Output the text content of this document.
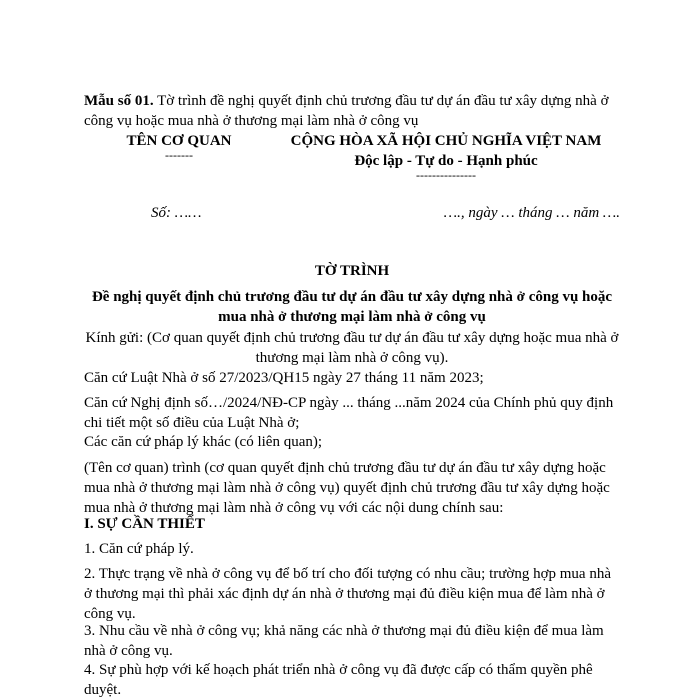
Mẫu số 01. Tờ trình đề nghị quyết định chủ trương đầu tư dự án đầu tư xây dựng nhà ở công vụ hoặc mua nhà ở thương mại làm nhà ở công vụ
TÊN CƠ QUAN
-------
CỘNG HÒA XÃ HỘI CHỦ NGHĨA VIỆT NAM
Độc lập - Tự do - Hạnh phúc
---------------
Số: ……	…., ngày … tháng … năm ….
TỜ TRÌNH
Đề nghị quyết định chủ trương đầu tư dự án đầu tư xây dựng nhà ở công vụ hoặc mua nhà ở thương mại làm nhà ở công vụ
Kính gửi: (Cơ quan quyết định chủ trương đầu tư dự án đầu tư xây dựng hoặc mua nhà ở thương mại làm nhà ở công vụ).
Căn cứ Luật Nhà ở số 27/2023/QH15 ngày 27 tháng 11 năm 2023;
Căn cứ Nghị định số…/2024/NĐ-CP ngày ... tháng ...năm 2024 của Chính phủ quy định chi tiết một số điều của Luật Nhà ở;
Các căn cứ pháp lý khác (có liên quan);
(Tên cơ quan) trình (cơ quan quyết định chủ trương đầu tư dự án đầu tư xây dựng hoặc mua nhà ở thương mại làm nhà ở công vụ) quyết định chủ trương đầu tư xây dựng hoặc mua nhà ở thương mại làm nhà ở công vụ với các nội dung chính sau:
I. SỰ CẦN THIẾT
1. Căn cứ pháp lý.
2. Thực trạng về nhà ở công vụ để bố trí cho đối tượng có nhu cầu; trường hợp mua nhà ở thương mại thì phải xác định dự án nhà ở thương mại đủ điều kiện mua để làm nhà ở công vụ.
3. Nhu cầu về nhà ở công vụ; khả năng các nhà ở thương mại đủ điều kiện để mua làm nhà ở công vụ.
4. Sự phù hợp với kế hoạch phát triển nhà ở công vụ đã được cấp có thẩm quyền phê duyệt.
